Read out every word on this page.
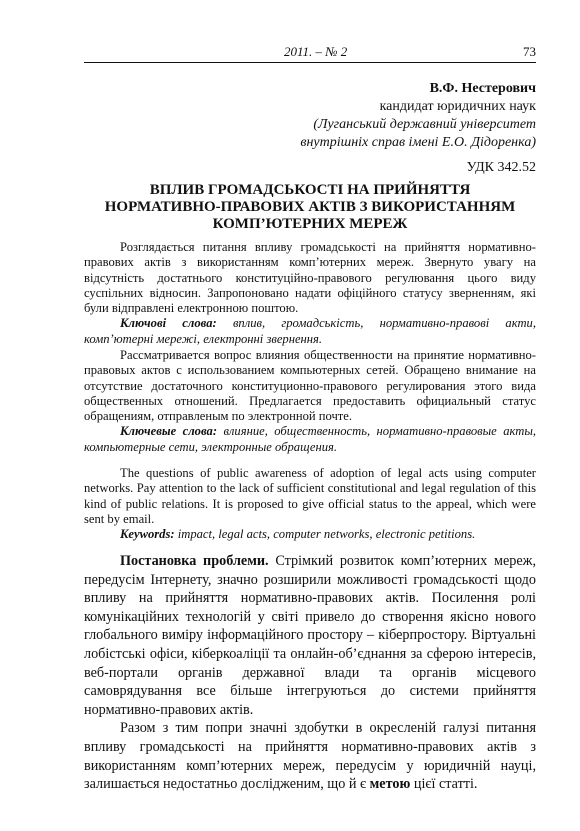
2011. – № 2	73
В.Ф. Нестерович
кандидат юридичних наук
(Луганський державний університет
внутрішніх справ імені Е.О. Дідоренка)
УДК 342.52
ВПЛИВ ГРОМАДСЬКОСТІ НА ПРИЙНЯТТЯ
НОРМАТИВНО-ПРАВОВИХ АКТІВ З ВИКОРИСТАННЯМ
КОМП’ЮТЕРНИХ МЕРЕЖ

Розглядається питання впливу громадськості на прийняття нормативно-правових актів з використанням комп’ютерних мереж. Звернуто увагу на відсутність достатнього конституційно-правового регулювання цього виду суспільних відносин. Запропоновано надати офіційного статусу зверненням, які були відправлені електронною поштою.

Ключові слова: вплив, громадськість, нормативно-правові акти, комп’ютерні мережі, електронні звернення.

Рассматривается вопрос влияния общественности на принятие нормативно-правовых актов с использованием компьютерных сетей. Обращено внимание на отсутствие достаточного конституционно-правового регулирования этого вида общественных отношений. Предлагается предоставить официальный статус обращениям, отправленым по электронной почте.

Ключевые слова: влияние, общественность, нормативно-правовые акты, компьютерные сети, электронные обращения.

The questions of public awareness of adoption of legal acts using computer networks. Pay attention to the lack of sufficient constitutional and legal regulation of this kind of public relations. It is proposed to give official status to the appeal, which were sent by email.

Keywords: impact, legal acts, computer networks, electronic petitions.

Постановка проблеми. Стрімкий розвиток комп’ютерних мереж, передусім Інтернету, значно розширили можливості громадськості щодо впливу на прийняття нормативно-правових актів. Посилення ролі комунікаційних технологій у світі привело до створення якісно нового глобального виміру інформаційного простору – кіберпростору. Віртуальні лобістські офіси, кіберкоаліції та онлайн-об’єднання за сферою інтересів, веб-портали органів державної влади та органів місцевого самоврядування все більше інтегруються до системи прийняття нормативно-правових актів.

Разом з тим попри значні здобутки в окресленій галузі питання впливу громадськості на прийняття нормативно-правових актів з використанням комп’ютерних мереж, передусім у юридичній науці, залишається недостатньо дослідженим, що й є метою цієї статті.
